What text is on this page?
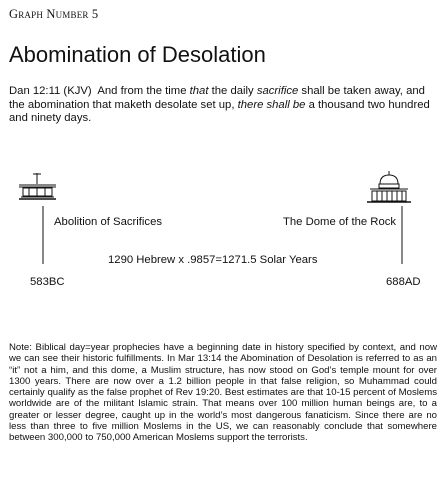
Graph Number 5
Abomination of Desolation

Dan 12:11 (KJV) And from the time that the daily sacrifice shall be taken away, and the abomination that maketh desolate set up, there shall be a thousand two hundred and ninety days.

Abolition of Sacrifices	The Dome of the Rock
1290 Hebrew x .9857=1271.5 Solar Years
583BC	688AD

Note: Biblical day=year prophecies have a beginning date in history specified by context, and now we can see their historic fulfillments. In Mar 13:14 the Abomination of Desolation is referred to as an “it” not a him, and this dome, a Muslim structure, has now stood on God’s temple mount for over 1300 years. There are now over a 1.2 billion people in that false religion, so Muhammad could certainly qualify as the false prophet of Rev 19:20. Best estimates are that 10-15 percent of Moslems worldwide are of the militant Islamic strain. That means over 100 million human beings are, to a greater or lesser degree, caught up in the world’s most dangerous fanaticism. Since there are no less than three to five million Moslems in the US, we can reasonably conclude that somewhere between 300,000 to 750,000 American Moslems support the terrorists.
